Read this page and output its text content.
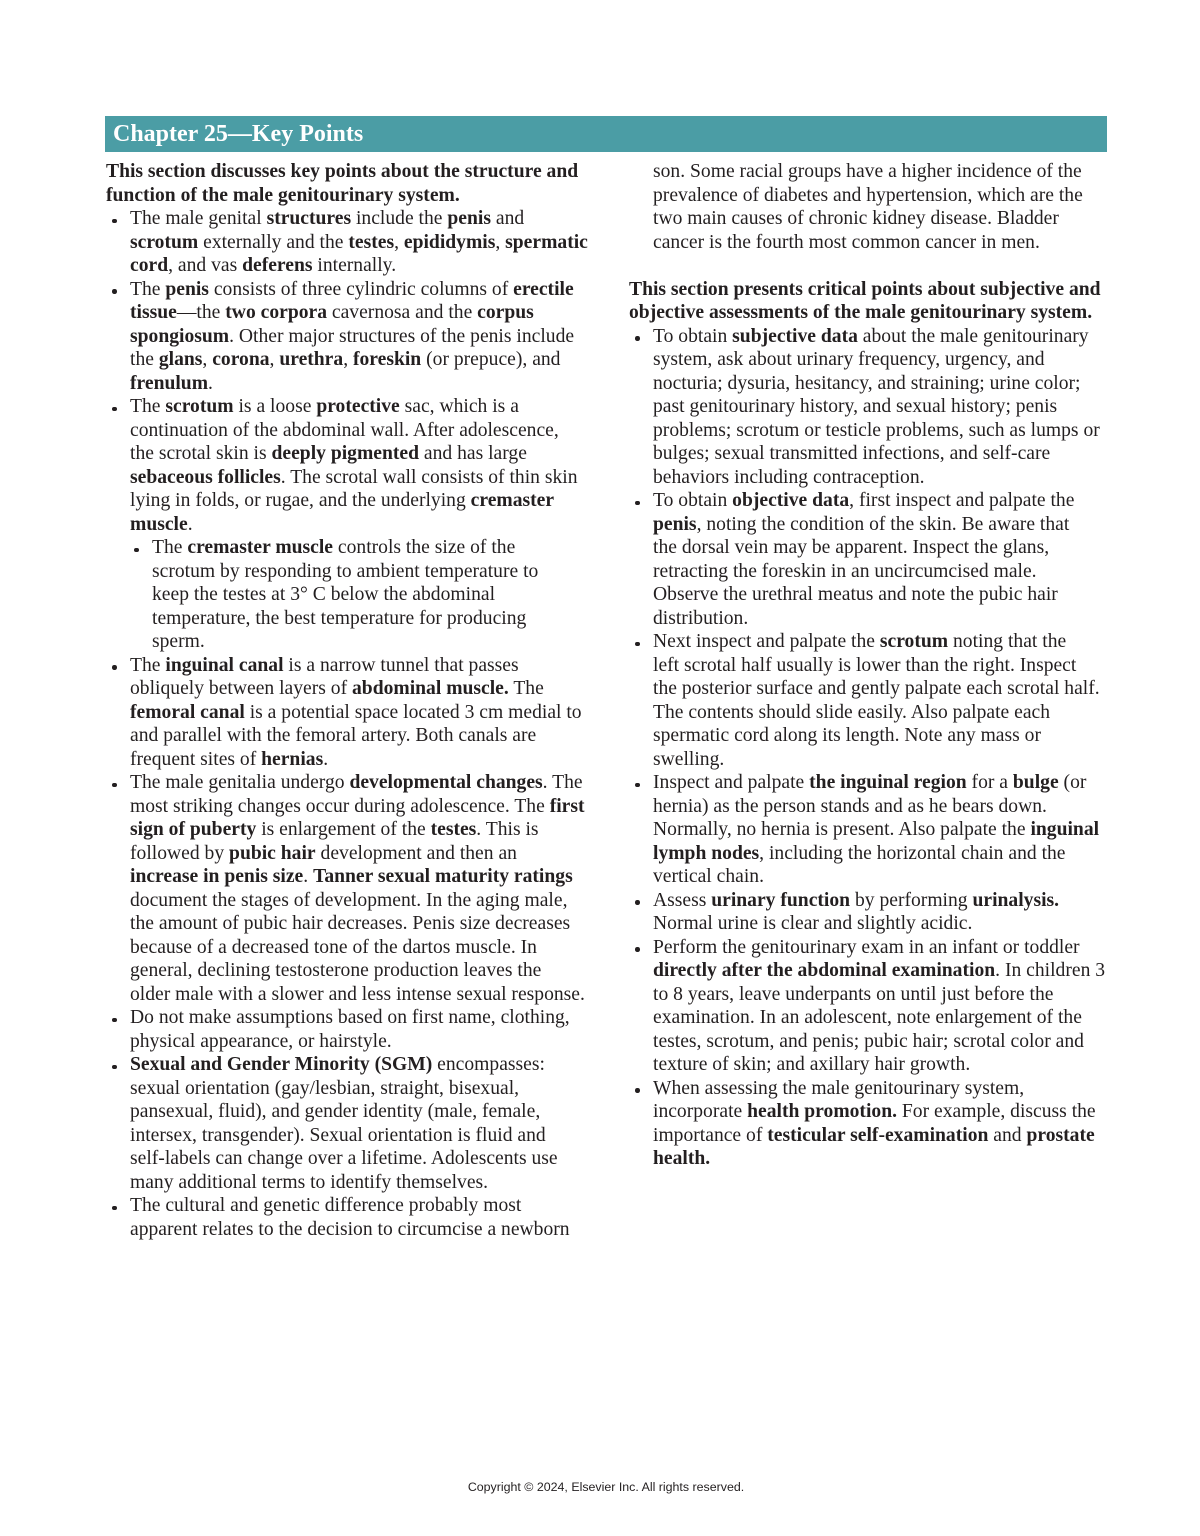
Chapter 25—Key Points
This section discusses key points about the structure and
function of the male genitourinary system.
The male genital structures include the penis and
scrotum externally and the testes, epididymis, spermatic
cord, and vas deferens internally.
The penis consists of three cylindric columns of erectile
tissue—the two corpora cavernosa and the corpus
spongiosum. Other major structures of the penis include
the glans, corona, urethra, foreskin (or prepuce), and
frenulum.
The scrotum is a loose protective sac, which is a
continuation of the abdominal wall. After adolescence,
the scrotal skin is deeply pigmented and has large
sebaceous follicles. The scrotal wall consists of thin skin
lying in folds, or rugae, and the underlying cremaster
muscle.
The cremaster muscle controls the size of the
scrotum by responding to ambient temperature to
keep the testes at 3° C below the abdominal
temperature, the best temperature for producing
sperm.
The inguinal canal is a narrow tunnel that passes
obliquely between layers of abdominal muscle. The
femoral canal is a potential space located 3 cm medial to
and parallel with the femoral artery. Both canals are
frequent sites of hernias.
The male genitalia undergo developmental changes. The
most striking changes occur during adolescence. The first
sign of puberty is enlargement of the testes. This is
followed by pubic hair development and then an
increase in penis size. Tanner sexual maturity ratings
document the stages of development. In the aging male,
the amount of pubic hair decreases. Penis size decreases
because of a decreased tone of the dartos muscle. In
general, declining testosterone production leaves the
older male with a slower and less intense sexual response.
Do not make assumptions based on first name, clothing,
physical appearance, or hairstyle.
Sexual and Gender Minority (SGM) encompasses:
sexual orientation (gay/lesbian, straight, bisexual,
pansexual, fluid), and gender identity (male, female,
intersex, transgender). Sexual orientation is fluid and
self-labels can change over a lifetime. Adolescents use
many additional terms to identify themselves.
The cultural and genetic difference probably most
apparent relates to the decision to circumcise a newborn
son. Some racial groups have a higher incidence of the
prevalence of diabetes and hypertension, which are the
two main causes of chronic kidney disease. Bladder
cancer is the fourth most common cancer in men.
This section presents critical points about subjective and
objective assessments of the male genitourinary system.
To obtain subjective data about the male genitourinary
system, ask about urinary frequency, urgency, and
nocturia; dysuria, hesitancy, and straining; urine color;
past genitourinary history, and sexual history; penis
problems; scrotum or testicle problems, such as lumps or
bulges; sexual transmitted infections, and self-care
behaviors including contraception.
To obtain objective data, first inspect and palpate the
penis, noting the condition of the skin. Be aware that
the dorsal vein may be apparent. Inspect the glans,
retracting the foreskin in an uncircumcised male.
Observe the urethral meatus and note the pubic hair
distribution.
Next inspect and palpate the scrotum noting that the
left scrotal half usually is lower than the right. Inspect
the posterior surface and gently palpate each scrotal half.
The contents should slide easily. Also palpate each
spermatic cord along its length. Note any mass or
swelling.
Inspect and palpate the inguinal region for a bulge (or
hernia) as the person stands and as he bears down.
Normally, no hernia is present. Also palpate the inguinal
lymph nodes, including the horizontal chain and the
vertical chain.
Assess urinary function by performing urinalysis.
Normal urine is clear and slightly acidic.
Perform the genitourinary exam in an infant or toddler
directly after the abdominal examination. In children 3
to 8 years, leave underpants on until just before the
examination. In an adolescent, note enlargement of the
testes, scrotum, and penis; pubic hair; scrotal color and
texture of skin; and axillary hair growth.
When assessing the male genitourinary system,
incorporate health promotion. For example, discuss the
importance of testicular self-examination and prostate
health.
Copyright © 2024, Elsevier Inc. All rights reserved.
